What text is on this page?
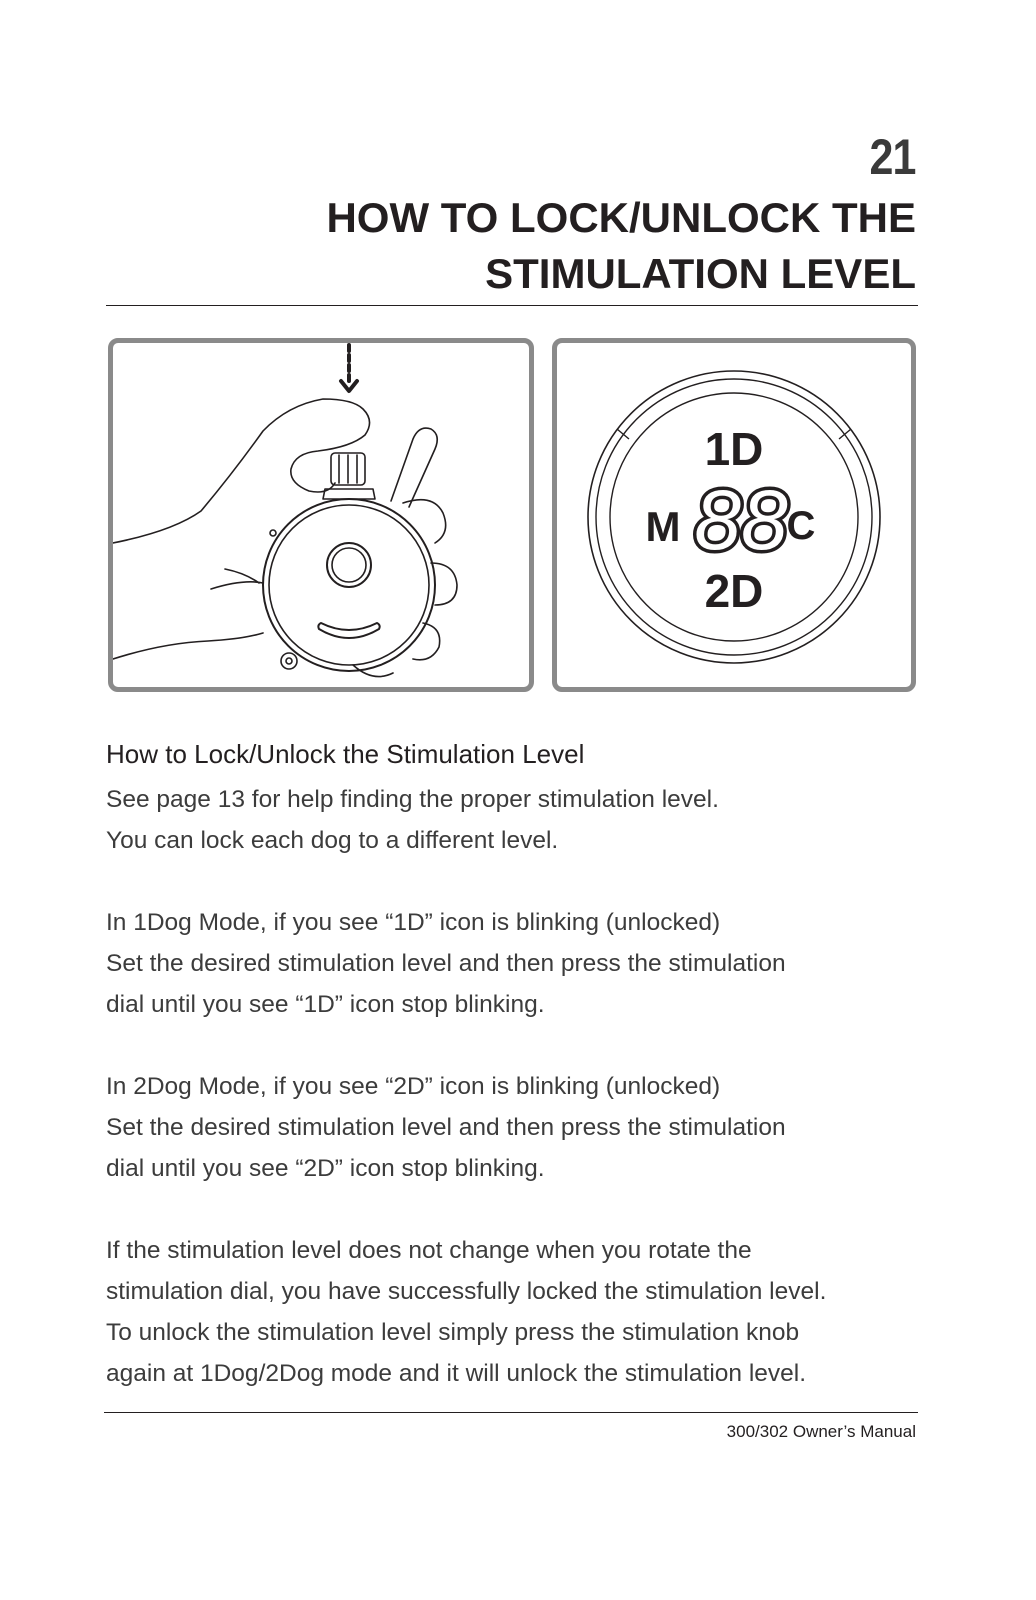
21
HOW TO LOCK/UNLOCK THE
STIMULATION LEVEL
1D
M 88
C
2D

How to Lock/Unlock the Stimulation Level

See page 13 for help finding the proper stimulation level.
You can lock each dog to a different level.

In 1Dog Mode, if you see “1D” icon is blinking (unlocked)
Set the desired stimulation level and then press the stimulation
dial until you see “1D” icon stop blinking.

In 2Dog Mode, if you see “2D” icon is blinking (unlocked)
Set the desired stimulation level and then press the stimulation
dial until you see “2D” icon stop blinking.

If the stimulation level does not change when you rotate the
stimulation dial, you have successfully locked the stimulation level.
To unlock the stimulation level simply press the stimulation knob
again at 1Dog/2Dog mode and it will unlock the stimulation level.

300/302 Owner’s Manual
